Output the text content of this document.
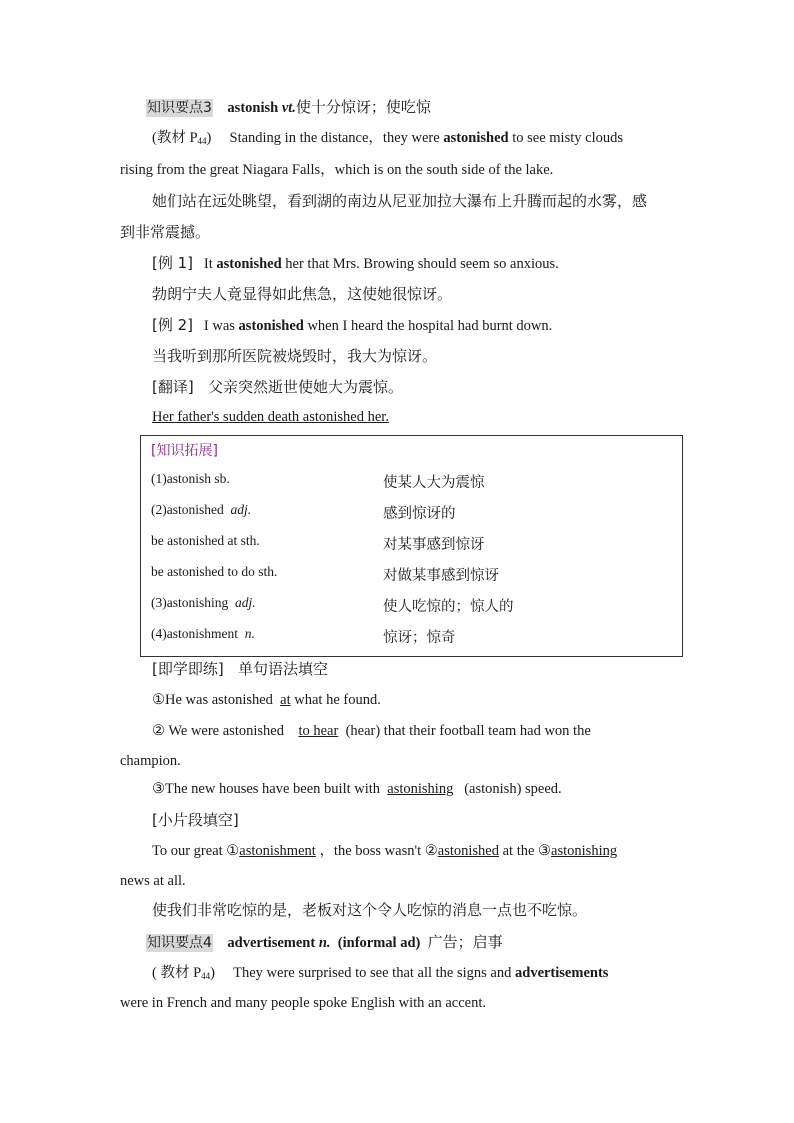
知识要点3 astonish vt.使十分惊讶；使吃惊
(教材 $P_{44}$) Standing in the distance，they were astonished to see misty clouds
rising from the great Niagara Falls，which is on the south side of the lake.
她们站在远处眺望，看到湖的南边从尼亚加拉大瀑布上升腾而起的水雾，感
到非常震撼。
[例 1] It astonished her that Mrs. Browing should seem so anxious.
勃朗宁夫人竟显得如此焦急，这使她很惊讶。
[例 2] I was astonished when I heard the hospital had burnt down.
当我听到那所医院被烧毁时，我大为惊讶。
[翻译] 父亲突然逝世使她大为震惊。
Her father's sudden death astonished her.
[知识拓展]
(1)astonish sb.	使某人大为震惊
(2)astonished adj.	感到惊讶的
be astonished at sth.	对某事感到惊讶
be astonished to do sth.	对做某事感到惊讶
(3)astonishing adj.	使人吃惊的；惊人的
(4)astonishment n.	惊讶；惊奇
[即学即练] 单句语法填空
①He was astonished at what he found.
② We were astonished to hear (hear) that their football team had won the
champion.
③The new houses have been built with astonishing (astonish) speed.
[小片段填空]
To our great ①astonishment ，the boss wasn't ②astonished at the ③astonishing
news at all.
使我们非常吃惊的是，老板对这个令人吃惊的消息一点也不吃惊。
知识要点4 advertisement n. (informal ad) 广告；启事
( 教材 $P_{44}$) They were surprised to see that all the signs and advertisements
were in French and many people spoke English with an accent.
